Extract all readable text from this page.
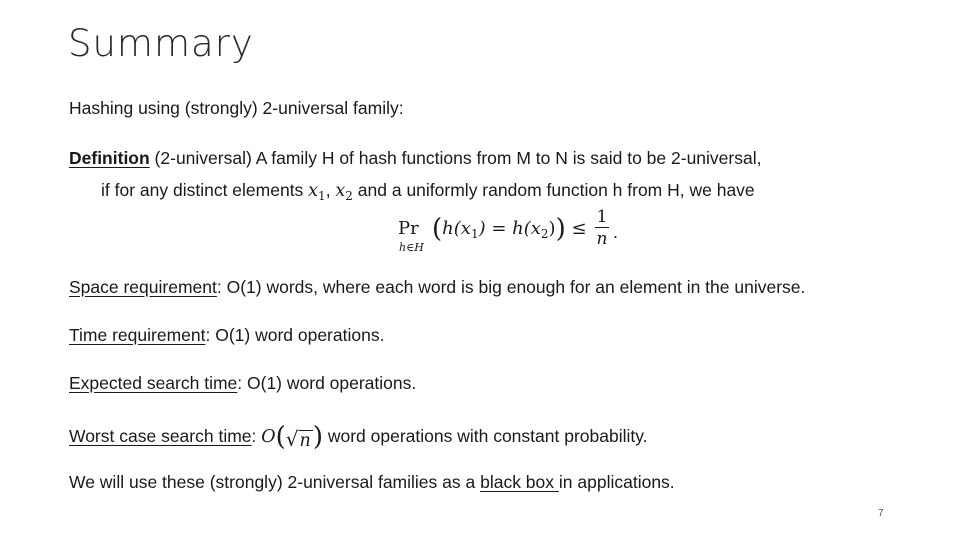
Summary
Hashing using (strongly) 2-universal family:
Definition (2-universal) A family H of hash functions from M to N is said to be 2-universal,
if for any distinct elements $x_1$, $x_2$ and a uniformly random function h from H, we have
Pr
h∈H
$(h(x_1) = h(x_2))$ ≤
1
n .
Space requirement: O(1) words, where each word is big enough for an element in the universe.
Time requirement: O(1) word operations.
Expected search time: O(1) word operations.
Worst case search time: O(√n) word operations with constant probability.
We will use these (strongly) 2-universal families as a black box in applications.
7
